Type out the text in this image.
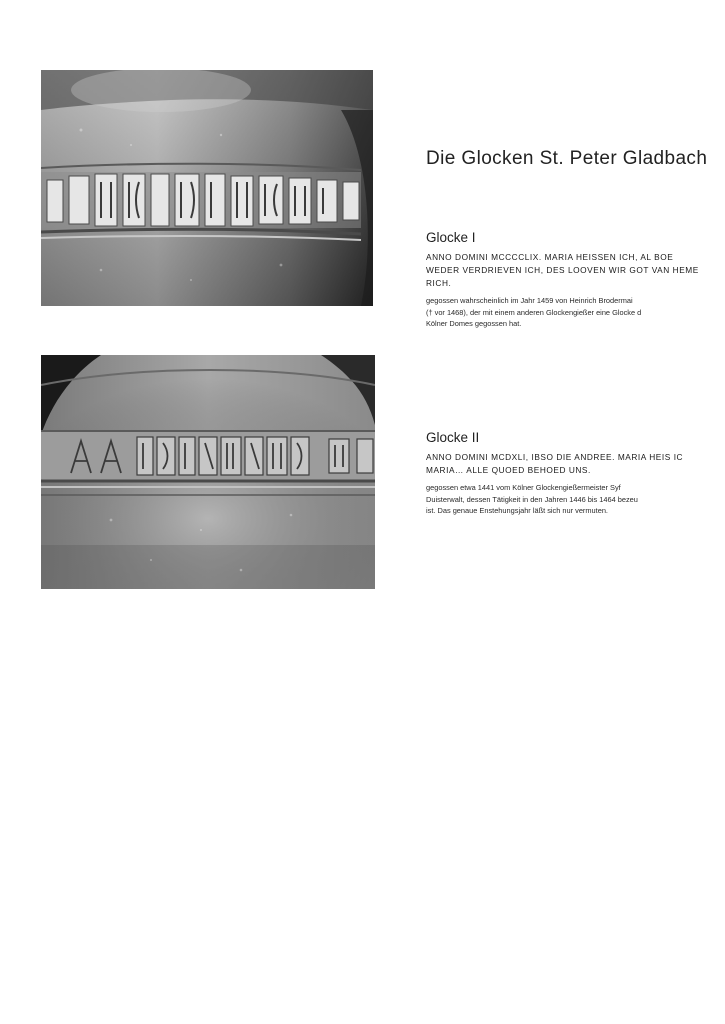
Die Glocken St. Peter Gladbach
Glocke I
ANNO DOMINI MCCCCLIX. MARIA HEISSEN ICH, AL BOE
WEDER VERDRIEVEN ICH, DES LOOVEN WIR GOT VAN HEME
RICH.
gegossen wahrscheinlich im Jahr 1459 von Heinrich Brodermai
(† vor 1468), der mit einem anderen Glockengießer eine Glocke d
Kölner Domes gegossen hat.
Glocke II
ANNO DOMINI MCDXLI, IBSO DIE ANDREE. MARIA HEIS IC
MARIA… ALLE QUOED BEHOED UNS.
gegossen etwa 1441 vom Kölner Glockengießermeister Syf
Duisterwalt, dessen Tätigkeit in den Jahren 1446 bis 1464 bezeu
ist. Das genaue Enstehungsjahr läßt sich nur vermuten.
